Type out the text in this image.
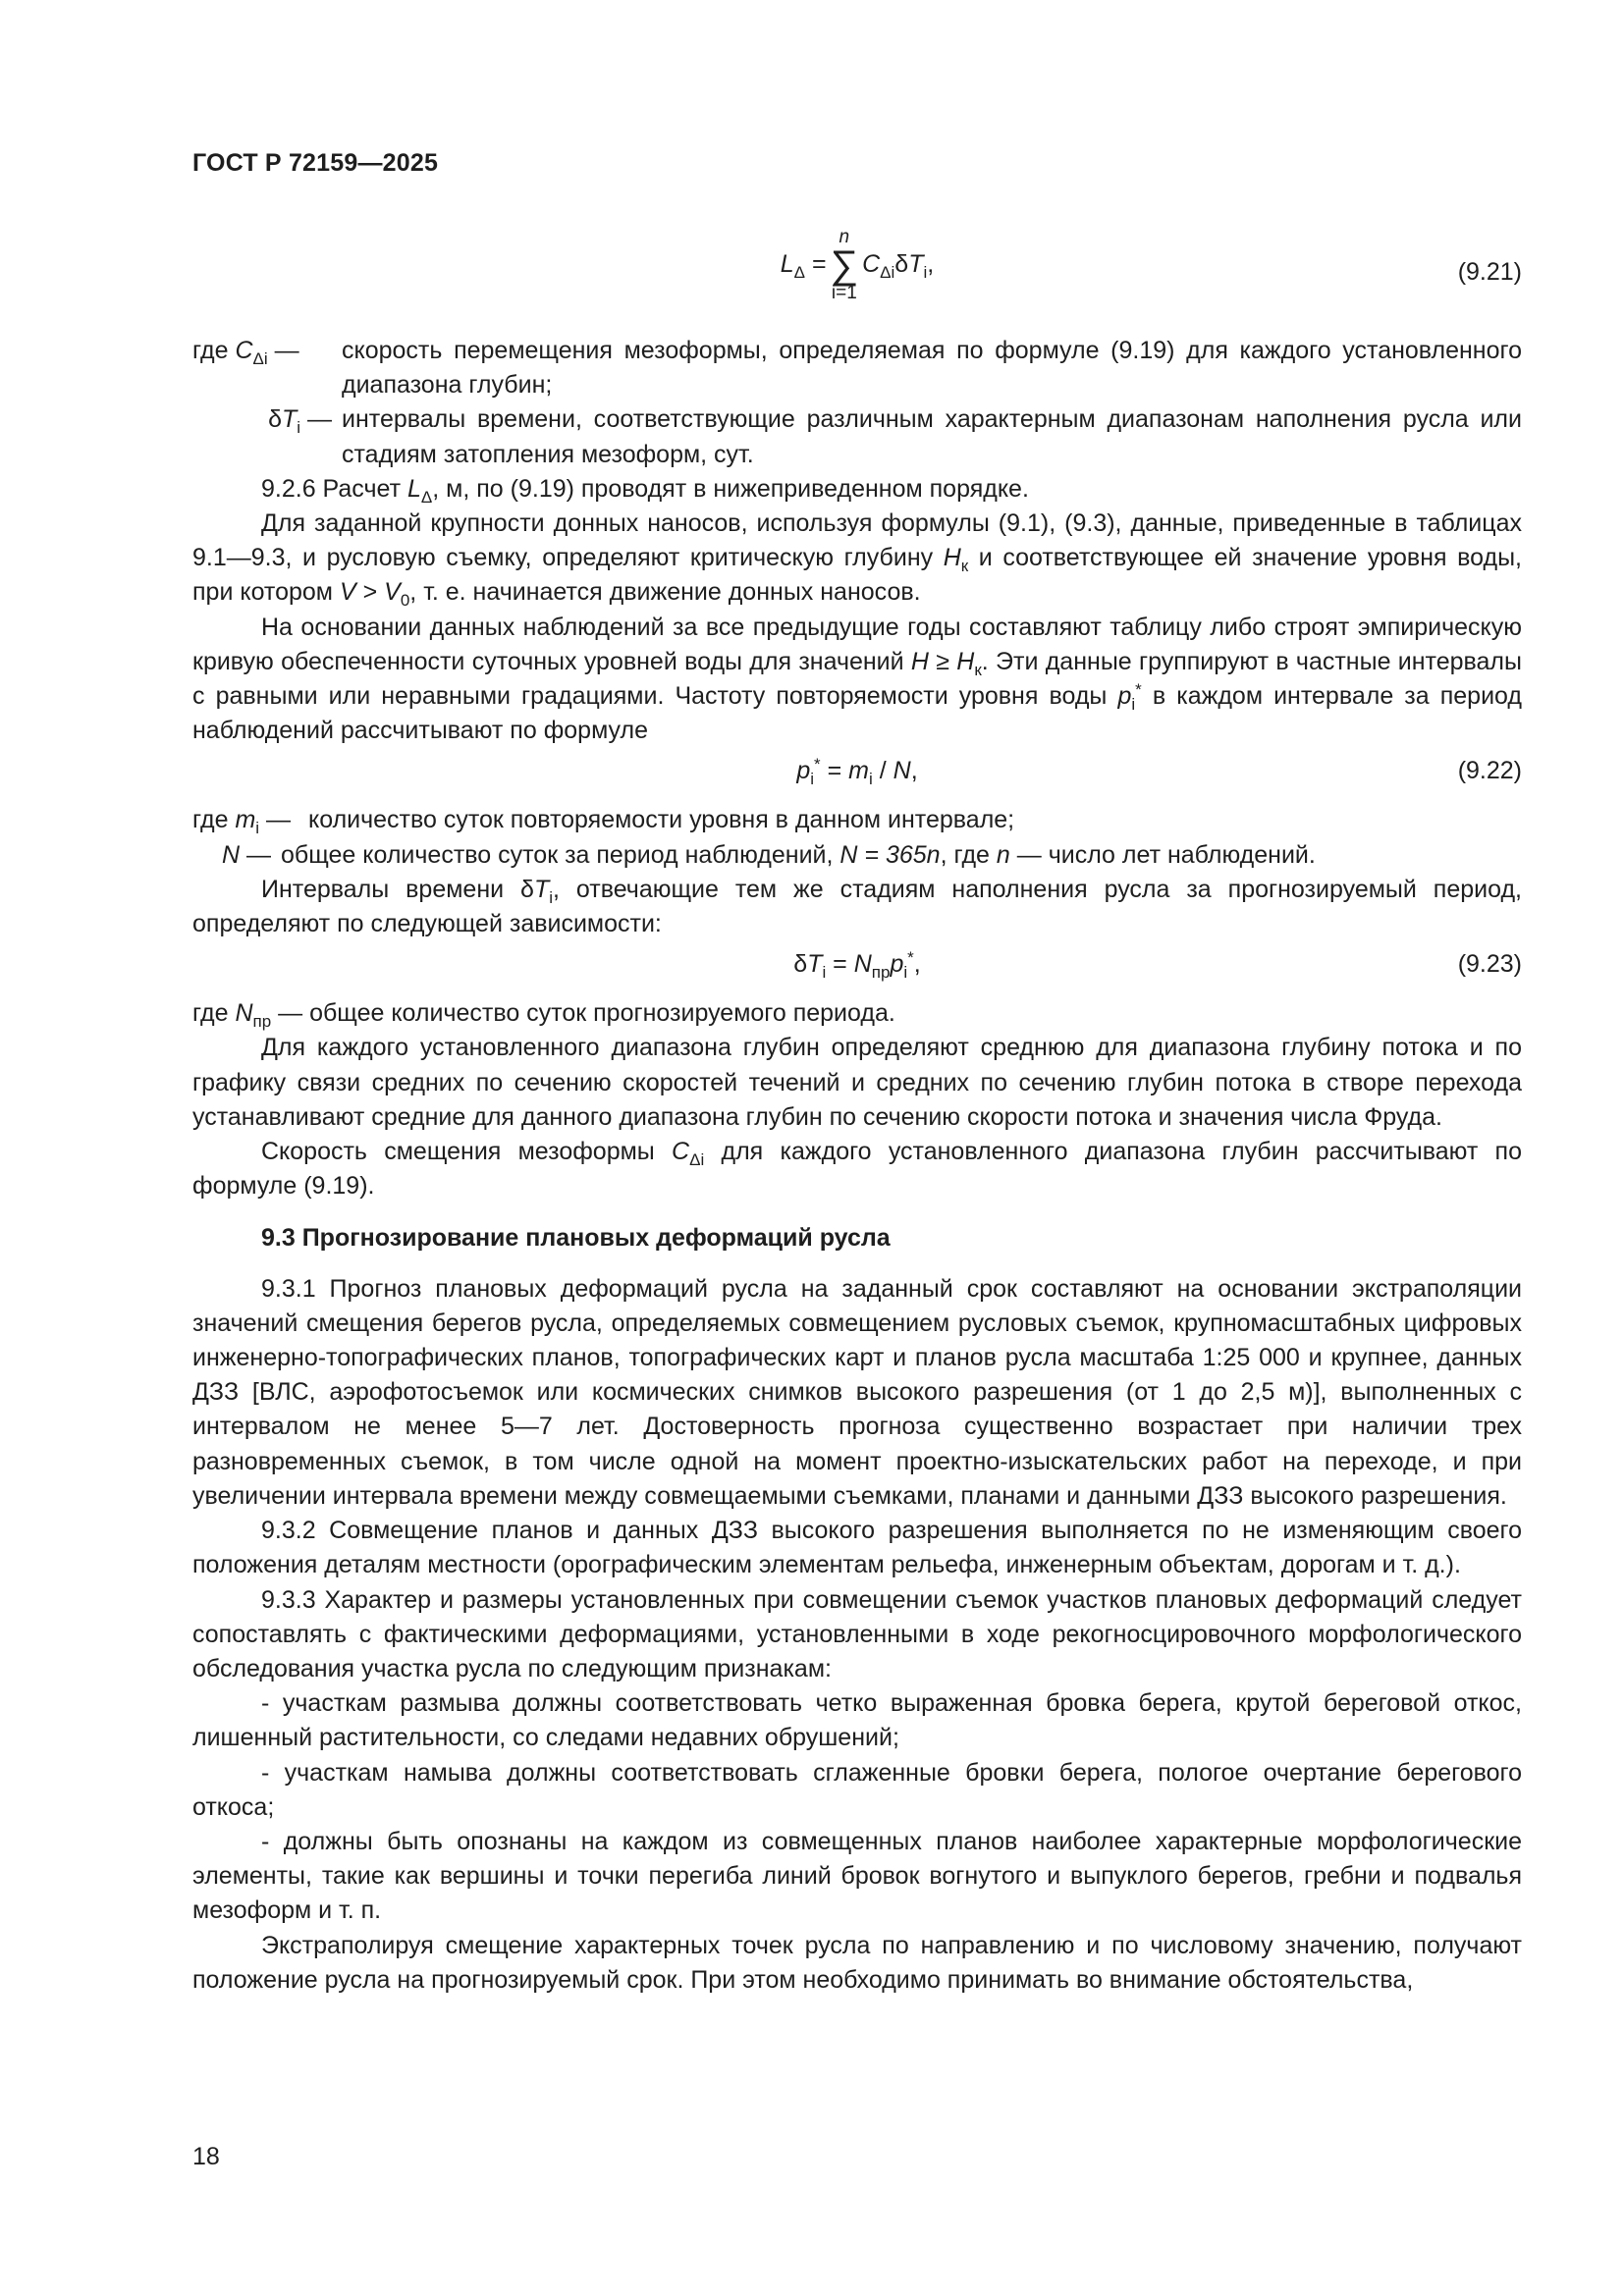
ГОСТ Р 72159—2025
$L_\Delta$ =
n
∑
i=1
$C_{\Delta i}\delta T_i$,	(9.21)
где $C_{\Delta i}$ —	скорость перемещения мезоформы, определяемая по формуле (9.19) для каждого установленного диапазона глубин;
$\delta T_i$ — интервалы времени, соответствующие различным характерным диапазонам наполнения русла или стадиям затопления мезоформ, сут.

9.2.6 Расчет $L_\Delta$, м, по (9.19) проводят в нижеприведенном порядке.

Для заданной крупности донных наносов, используя формулы (9.1), (9.3), данные, приведенные в таблицах 9.1—9.3, и русловую съемку, определяют критическую глубину $H_к$ и соответствующее ей значение уровня воды, при котором $V > V_0$, т. е. начинается движение донных наносов.

На основании данных наблюдений за все предыдущие годы составляют таблицу либо строят эмпирическую кривую обеспеченности суточных уровней воды для значений $H \ge H_к$. Эти данные группируют в частные интервалы с равными или неравными градациями. Частоту повторяемости уровня воды $p_i^*$ в каждом интервале за период наблюдений рассчитывают по формуле

$p_i^* = m_i / N$,	(9.22)
где $m_i$ — количество суток повторяемости уровня в данном интервале;
N — общее количество суток за период наблюдений, N = 365n, где n — число лет наблюдений.

Интервалы времени $\delta T_i$, отвечающие тем же стадиям наполнения русла за прогнозируемый период, определяют по следующей зависимости:

$\delta T_i = N_{пр}p_i^*$,	(9.23)

где $N_{пр}$ — общее количество суток прогнозируемого периода.

Для каждого установленного диапазона глубин определяют среднюю для диапазона глубину потока и по графику связи средних по сечению скоростей течений и средних по сечению глубин потока в створе перехода устанавливают средние для данного диапазона глубин по сечению скорости потока и значения числа Фруда.

Скорость смещения мезоформы $C_{\Delta i}$ для каждого установленного диапазона глубин рассчитывают по формуле (9.19).

9.3 Прогнозирование плановых деформаций русла

9.3.1 Прогноз плановых деформаций русла на заданный срок составляют на основании экстраполяции значений смещения берегов русла, определяемых совмещением русловых съемок, крупномасштабных цифровых инженерно-топографических планов, топографических карт и планов русла масштаба 1:25 000 и крупнее, данных ДЗЗ [ВЛС, аэрофотосъемок или космических снимков высокого разрешения (от 1 до 2,5 м)], выполненных с интервалом не менее 5—7 лет. Достоверность прогноза существенно возрастает при наличии трех разновременных съемок, в том числе одной на момент проектно-изыскательских работ на переходе, и при увеличении интервала времени между совмещаемыми съемками, планами и данными ДЗЗ высокого разрешения.

9.3.2 Совмещение планов и данных ДЗЗ высокого разрешения выполняется по не изменяющим своего положения деталям местности (орографическим элементам рельефа, инженерным объектам, дорогам и т. д.).

9.3.3 Характер и размеры установленных при совмещении съемок участков плановых деформаций следует сопоставлять с фактическими деформациями, установленными в ходе рекогносцировочного морфологического обследования участка русла по следующим признакам:

- участкам размыва должны соответствовать четко выраженная бровка берега, крутой береговой откос, лишенный растительности, со следами недавних обрушений;

- участкам намыва должны соответствовать сглаженные бровки берега, пологое очертание берегового откоса;

- должны быть опознаны на каждом из совмещенных планов наиболее характерные морфологические элементы, такие как вершины и точки перегиба линий бровок вогнутого и выпуклого берегов, гребни и подвалья мезоформ и т. п.

Экстраполируя смещение характерных точек русла по направлению и по числовому значению, получают положение русла на прогнозируемый срок. При этом необходимо принимать во внимание обстоятельства,

18
